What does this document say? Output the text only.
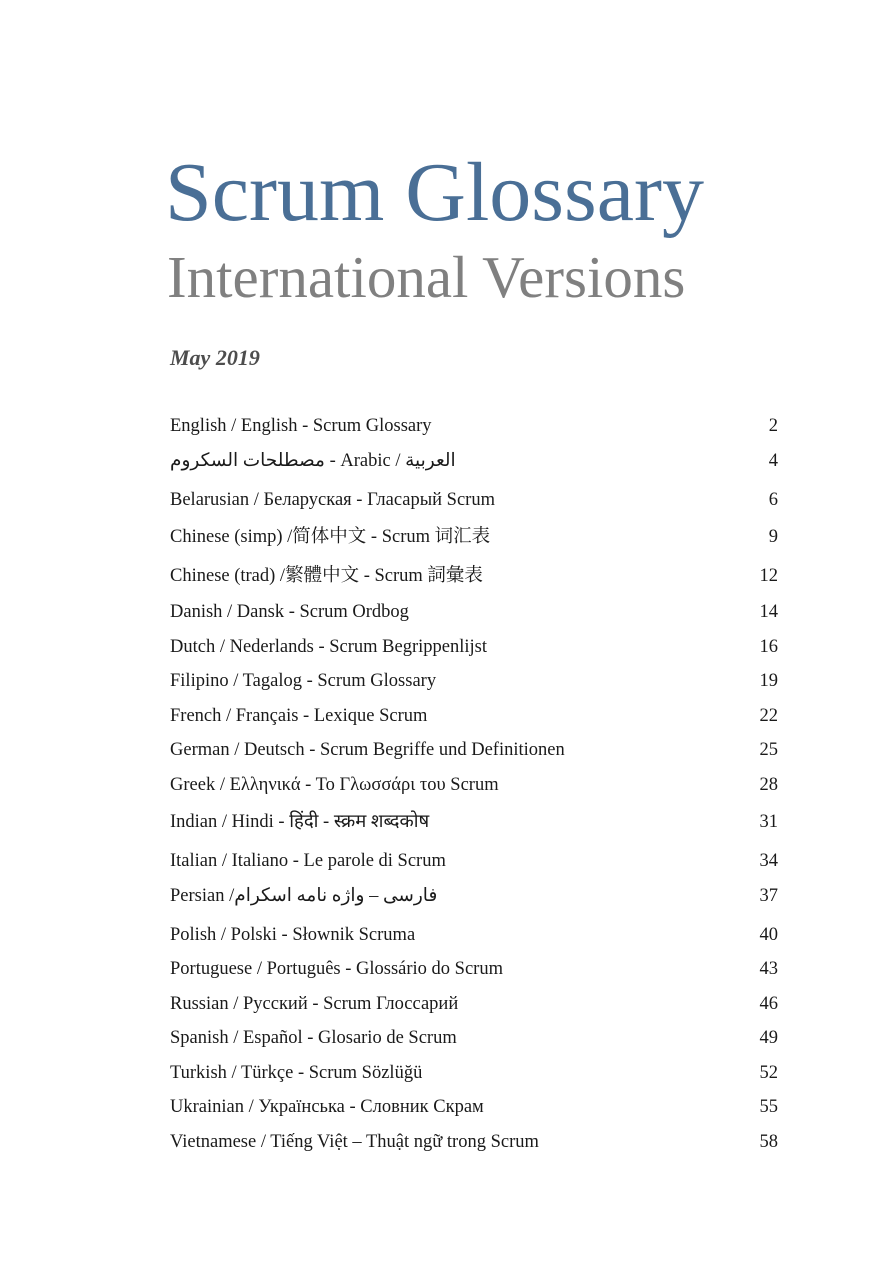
Scrum Glossary
International Versions
May 2019
English / English - Scrum Glossary	2
العربية / Arabic - مصطلحات السكروم	4
Belarusian / Беларуская - Гласарый Scrum	6
Chinese (simp) /简体中文 - Scrum 词汇表	9
Chinese (trad) /繁體中文 - Scrum 詞彙表	12
Danish / Dansk - Scrum Ordbog	14
Dutch / Nederlands - Scrum Begrippenlijst	16
Filipino / Tagalog - Scrum Glossary	19
French / Français - Lexique Scrum	22
German / Deutsch - Scrum Begriffe und Definitionen	25
Greek / Ελληνικά - Το Γλωσσάρι του Scrum	28
Indian / Hindi - हिंदी - स्क्रम शब्दकोष	31
Italian / Italiano - Le parole di Scrum	34
Persian /فارسی – واژه نامه اسکرام	37
Polish / Polski - Słownik Scruma	40
Portuguese / Português - Glossário do Scrum	43
Russian / Русский - Scrum Глоссарий	46
Spanish / Español - Glosario de Scrum	49
Turkish / Türkçe - Scrum Sözlüğü	52
Ukrainian / Українська - Словник Скрам	55
Vietnamese / Tiếng Việt – Thuật ngữ trong Scrum	58
